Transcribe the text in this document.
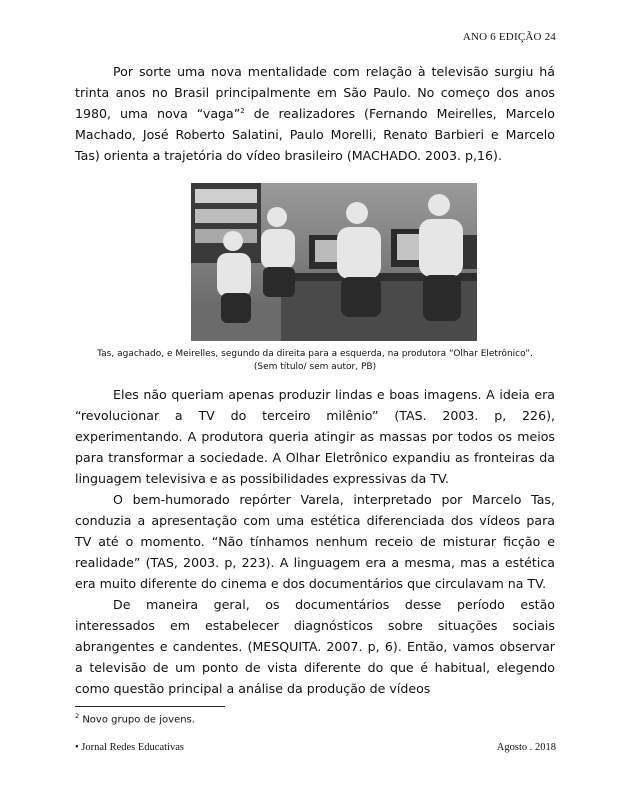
ANO 6 EDIÇÃO 24

Por sorte uma nova mentalidade com relação à televisão surgiu há trinta anos no Brasil principalmente em São Paulo. No começo dos anos 1980, uma nova “vaga”$^2$ de realizadores (Fernando Meirelles, Marcelo Machado, José Roberto Salatini, Paulo Morelli, Renato Barbieri e Marcelo Tas) orienta a trajetória do vídeo brasileiro (MACHADO. 2003. p,16).

Tas, agachado, e Meirelles, segundo da direita para a esquerda, na produtora “Olhar Eletrônico”.
(Sem título/ sem autor, PB)

Eles não queriam apenas produzir lindas e boas imagens. A ideia era “revolucionar a TV do terceiro milênio” (TAS. 2003. p, 226), experimentando. A produtora queria atingir as massas por todos os meios para transformar a sociedade. A Olhar Eletrônico expandiu as fronteiras da linguagem televisiva e as possibilidades expressivas da TV.

O bem-humorado repórter Varela, interpretado por Marcelo Tas, conduzia a apresentação com uma estética diferenciada dos vídeos para TV até o momento. “Não tínhamos nenhum receio de misturar ficção e realidade” (TAS, 2003. p, 223). A linguagem era a mesma, mas a estética era muito diferente do cinema e dos documentários que circulavam na TV.

De maneira geral, os documentários desse período estão interessados em estabelecer diagnósticos sobre situações sociais abrangentes e candentes. (MESQUITA. 2007. p, 6). Então, vamos observar a televisão de um ponto de vista diferente do que é habitual, elegendo como questão principal a análise da produção de vídeos

$^2$ Novo grupo de jovens.
• Jornal Redes Educativas	Agosto . 2018
